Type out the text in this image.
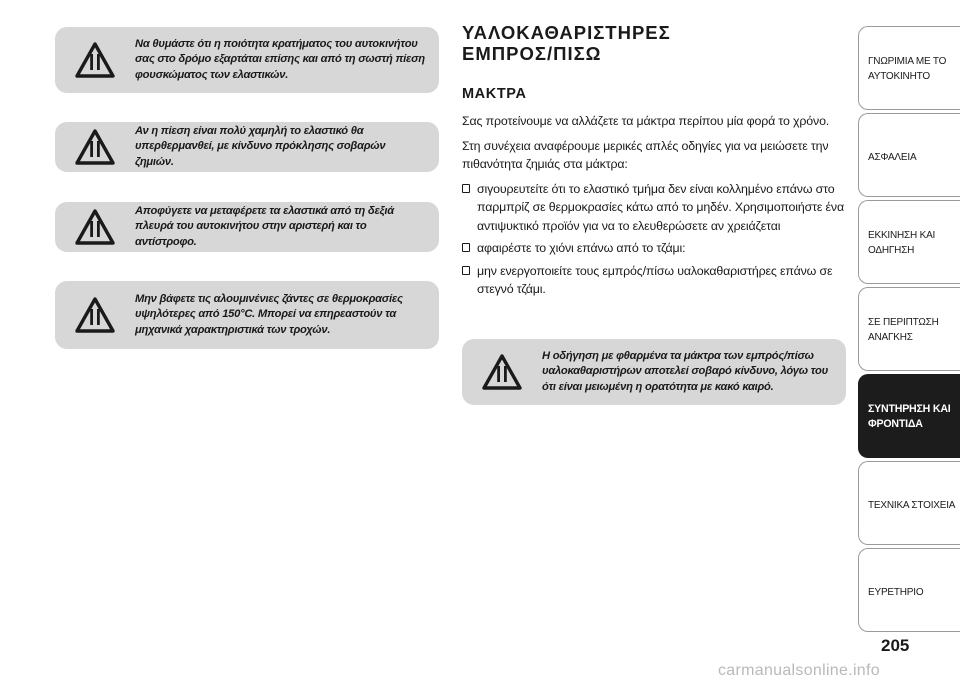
Να θυμάστε ότι η ποιότητα κρατήματος του αυτοκινήτου σας στο δρόμο εξαρτάται επίσης και από τη σωστή πίεση φουσκώματος των ελαστικών.
Αν η πίεση είναι πολύ χαμηλή το ελαστικό θα υπερθερμανθεί, με κίνδυνο πρόκλησης σοβαρών ζημιών.
Αποφύγετε να μεταφέρετε τα ελαστικά από τη δεξιά πλευρά του αυτοκινήτου στην αριστερή και το αντίστροφο.
Μην βάφετε τις αλουμινένιες ζάντες σε θερμοκρασίες υψηλότερες από 150°C. Μπορεί να επηρεαστούν τα μηχανικά χαρακτηριστικά των τροχών.
ΥΑΛΟΚΑΘΑΡΙΣΤΗΡΕΣ
ΕΜΠΡΟΣ/ΠΙΣΩ
ΜΑΚΤΡΑ

Σας προτείνουμε να αλλάζετε τα μάκτρα περίπου μία φορά το χρόνο.

Στη συνέχεια αναφέρουμε μερικές απλές οδηγίες για να μειώσετε την πιθανότητα ζημιάς στα μάκτρα:

σιγουρευτείτε ότι το ελαστικό τμήμα δεν είναι κολλημένο επάνω στο παρμπρίζ σε θερμοκρασίες κάτω από το μηδέν. Χρησιμοποιήστε ένα αντιψυκτικό προϊόν για να το ελευθερώσετε αν χρειάζεται
αφαιρέστε το χιόνι επάνω από το τζάμι:
μην ενεργοποιείτε τους εμπρός/πίσω υαλοκαθαριστήρες επάνω σε στεγνό τζάμι.
Η οδήγηση με φθαρμένα τα μάκτρα των εμπρός/πίσω υαλοκαθαριστήρων αποτελεί σοβαρό κίνδυνο, λόγω του ότι είναι μειωμένη η ορατότητα με κακό καιρό.
ΓΝΩΡΙΜΙΑ ΜΕ ΤΟ
ΑΥΤΟΚΙΝΗΤΟ
ΑΣΦΑΛΕΙΑ
ΕΚΚΙΝΗΣΗ ΚΑΙ
ΟΔΗΓΗΣΗ
ΣΕ ΠΕΡΙΠΤΩΣΗ
ΑΝΑΓΚΗΣ
ΣΥΝΤΗΡΗΣΗ ΚΑΙ
ΦΡΟΝΤΙΔΑ
ΤΕΧΝΙΚΑ ΣΤΟΙΧΕΙΑ
ΕΥΡΕΤΗΡΙΟ
205
carmanualsonline.info
